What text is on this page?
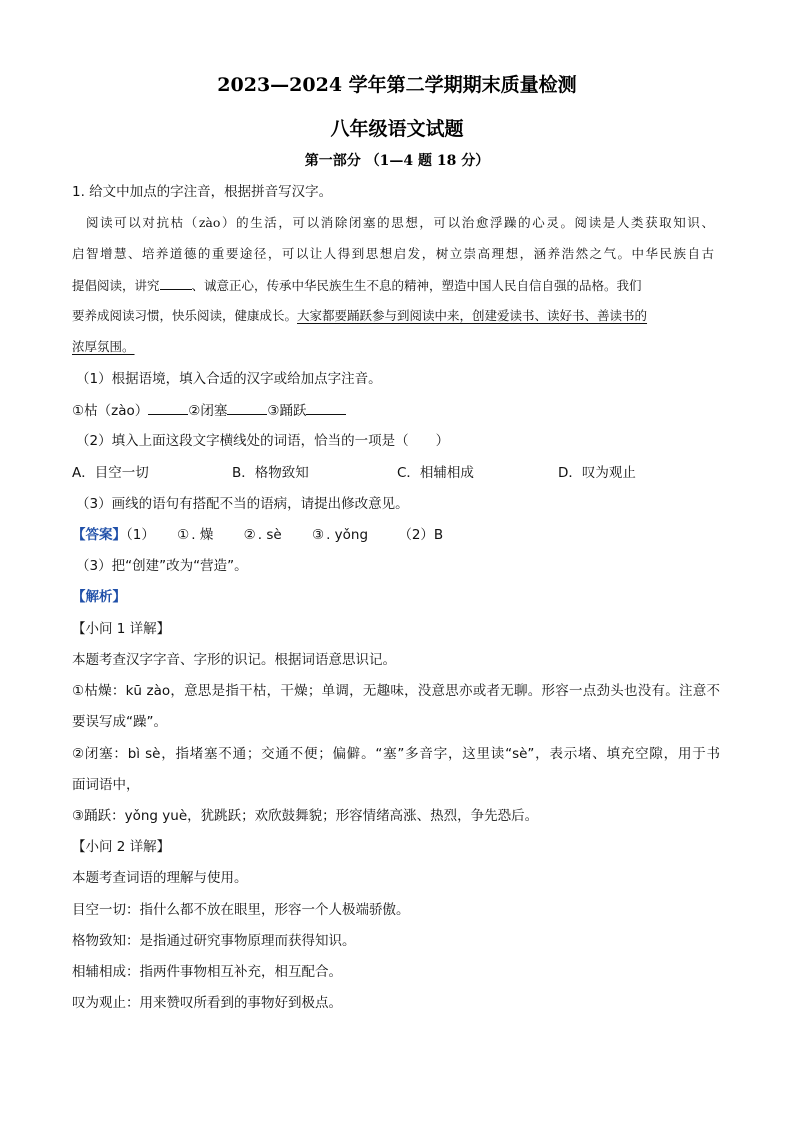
2023—2024 学年第二学期期末质量检测
八年级语文试题
第一部分 （1—4 题 18 分）
1. 给文中加点的字注音，根据拼音写汉字。
阅读可以对抗枯（zào）的生活，可以消除闭塞的思想，可以治愈浮躁的心灵。阅读是人类获取知识、
启智增慧、培养道德的重要途径，可以让人得到思想启发，树立崇高理想，涵养浩然之气。中华民族自古
提倡阅读，讲究	、诚意正心，传承中华民族生生不息的精神，塑造中国人民自信自强的品格。我们
要养成阅读习惯，快乐阅读，健康成长。大家都要踊跃参与到阅读中来，创建爱读书、读好书、善读书的
浓厚氛围。
（1）根据语境，填入合适的汉字或给加点字注音。
①枯（zào）	②闭塞	③踊跃
（2）填入上面这段文字横线处的词语，恰当的一项是（　　）
A．目空一切	B．格物致知	C．相辅相成	D．叹为观止
（3）画线的语句有搭配不当的语病，请提出修改意见。
【答案】（1） ① . 燥 ② . sè ③ . yǒng （2）B
（3）把“创建”改为“营造”。
【解析】
【小问 1 详解】
本题考查汉字字音、字形的识记。根据词语意思识记。
①枯燥：kū zào，意思是指干枯，干燥；单调，无趣味，没意思亦或者无聊。形容一点劲头也没有。注意不
要误写成“躁”。
②闭塞：bì sè，指堵塞不通；交通不便；偏僻。“塞”多音字，这里读“sè”，表示堵、填充空隙，用于书
面词语中，
③踊跃：yǒng yuè，犹跳跃；欢欣鼓舞貌；形容情绪高涨、热烈，争先恐后。
【小问 2 详解】
本题考查词语的理解与使用。
目空一切：指什么都不放在眼里，形容一个人极端骄傲。
格物致知：是指通过研究事物原理而获得知识。
相辅相成：指两件事物相互补充，相互配合。
叹为观止：用来赞叹所看到的事物好到极点。
